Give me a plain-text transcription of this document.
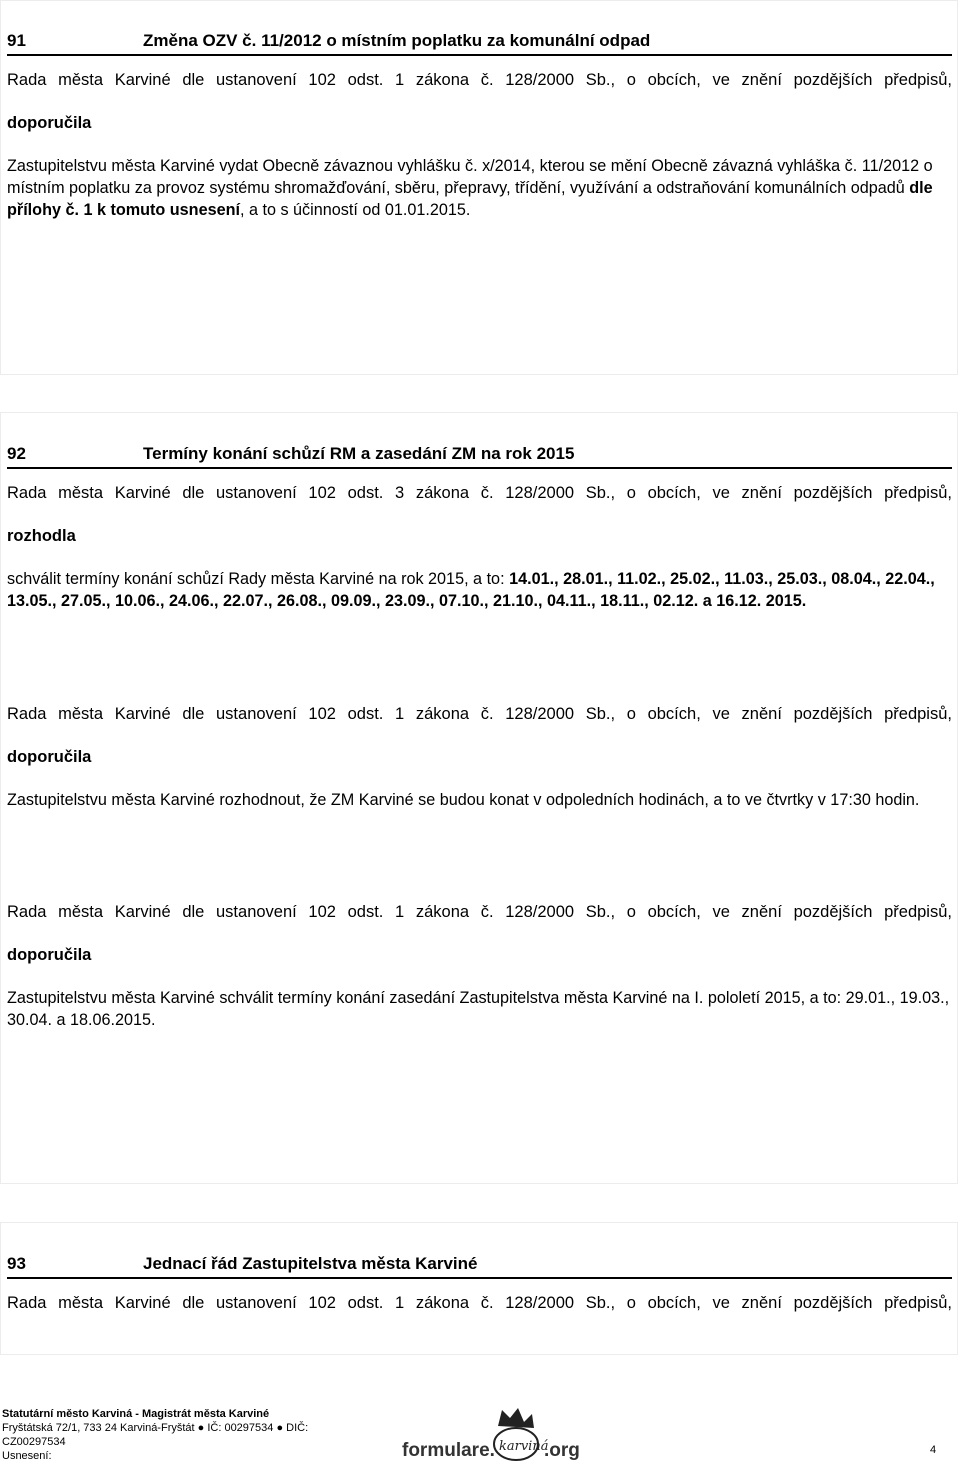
91	Změna OZV č. 11/2012 o místním poplatku za komunální odpad
Rada města Karviné dle ustanovení 102 odst. 1 zákona č. 128/2000 Sb., o obcích, ve znění pozdějších předpisů,
doporučila
Zastupitelstvu města Karviné vydat Obecně závaznou vyhlášku č. x/2014, kterou se mění Obecně závazná vyhláška č. 11/2012 o místním poplatku za provoz systému shromažďování, sběru, přepravy, třídění, využívání a odstraňování komunálních odpadů dle přílohy č. 1 k tomuto usnesení, a to s účinností od 01.01.2015.
92	Termíny konání schůzí RM a zasedání ZM na rok 2015
Rada města Karviné dle ustanovení 102 odst. 3 zákona č. 128/2000 Sb., o obcích, ve znění pozdějších předpisů,
rozhodla
schválit termíny konání schůzí Rady města Karviné na rok 2015, a to: 14.01., 28.01., 11.02., 25.02., 11.03., 25.03., 08.04., 22.04., 13.05., 27.05., 10.06., 24.06., 22.07., 26.08., 09.09., 23.09., 07.10., 21.10., 04.11., 18.11., 02.12. a 16.12. 2015.
Rada města Karviné dle ustanovení 102 odst. 1 zákona č. 128/2000 Sb., o obcích, ve znění pozdějších předpisů,
doporučila
Zastupitelstvu města Karviné rozhodnout, že ZM Karviné se budou konat v odpoledních hodinách, a to ve čtvrtky v 17:30 hodin.
Rada města Karviné dle ustanovení 102 odst. 1 zákona č. 128/2000 Sb., o obcích, ve znění pozdějších předpisů,
doporučila
Zastupitelstvu města Karviné schválit termíny konání zasedání Zastupitelstva města Karviné na I. pololetí 2015, a to: 29.01., 19.03., 30.04. a 18.06.2015.
93	Jednací řád Zastupitelstva města Karviné
Rada města Karviné dle ustanovení 102 odst. 1 zákona č. 128/2000 Sb., o obcích, ve znění pozdějších předpisů,
Statutární město Karviná - Magistrát města Karviné
Fryštátská 72/1, 733 24 Karviná-Fryštát ● IČ: 00297534 ● DIČ:
CZ00297534
Usnesení:	formulare. karviná
.org	4
